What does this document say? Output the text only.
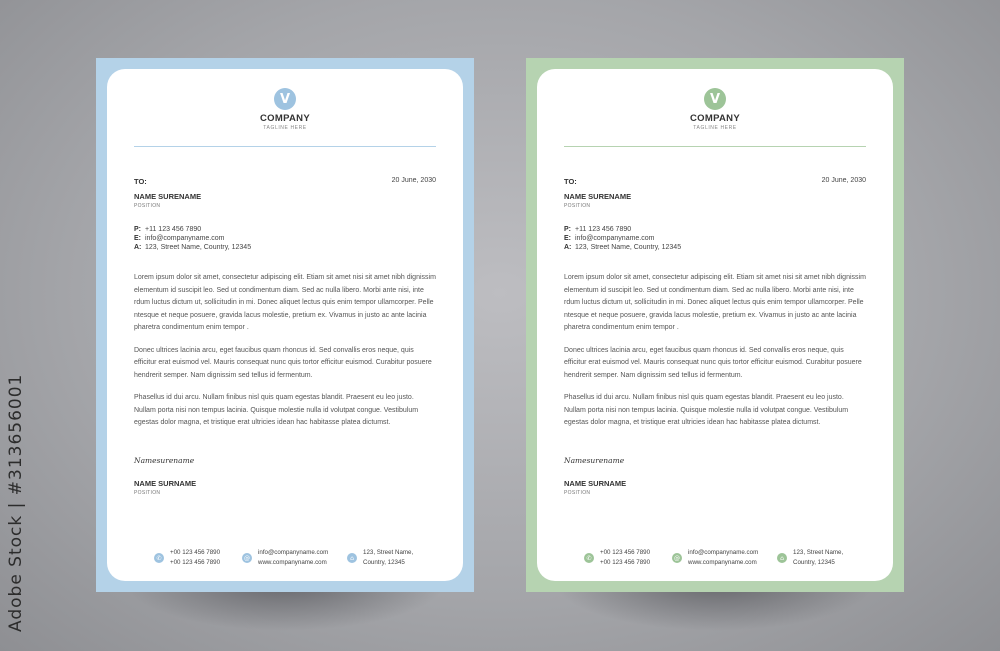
Adobe Stock | #313656001
V
COMPANY
TAGLINE HERE
TO:	20 June, 2030
NAME SURENAME
POSITION
P: +11 123 456 7890
E: info@companyname.com
A: 123, Street Name, Country, 12345

Lorem ipsum dolor sit amet, consectetur adipiscing elit. Etiam sit amet nisi sit amet nibh dignissim elementum id suscipit leo. Sed ut condimentum diam. Sed ac nulla libero. Morbi ante nisi, inte rdum luctus dictum ut, sollicitudin in mi. Donec aliquet lectus quis enim tempor ullamcorper. Pelle ntesque et neque posuere, gravida lacus molestie, pretium ex. Vivamus in justo ac ante lacinia pharetra condimentum enim tempor .

Donec ultrices lacinia arcu, eget faucibus quam rhoncus id. Sed convallis eros neque, quis efficitur erat euismod vel. Mauris consequat nunc quis tortor efficitur euismod. Curabitur posuere hendrerit semper. Nam dignissim sed tellus id fermentum.

Phasellus id dui arcu. Nullam finibus nisl quis quam egestas blandit. Praesent eu leo justo. Nullam porta nisi non tempus lacinia. Quisque molestie nulla id volutpat congue. Vestibulum egestas dolor magna, et tristique erat ultricies idean hac habitasse platea dictumst.

Namesurename
NAME SURNAME
POSITION
✆
+00 123 456 7890
+00 123 456 7890
@
info@companyname.com
www.companyname.com
⌂
123, Street Name,
Country, 12345
V
COMPANY
TAGLINE HERE
TO:	20 June, 2030
NAME SURENAME
POSITION
P: +11 123 456 7890
E: info@companyname.com
A: 123, Street Name, Country, 12345

Lorem ipsum dolor sit amet, consectetur adipiscing elit. Etiam sit amet nisi sit amet nibh dignissim elementum id suscipit leo. Sed ut condimentum diam. Sed ac nulla libero. Morbi ante nisi, inte rdum luctus dictum ut, sollicitudin in mi. Donec aliquet lectus quis enim tempor ullamcorper. Pelle ntesque et neque posuere, gravida lacus molestie, pretium ex. Vivamus in justo ac ante lacinia pharetra condimentum enim tempor .

Donec ultrices lacinia arcu, eget faucibus quam rhoncus id. Sed convallis eros neque, quis efficitur erat euismod vel. Mauris consequat nunc quis tortor efficitur euismod. Curabitur posuere hendrerit semper. Nam dignissim sed tellus id fermentum.

Phasellus id dui arcu. Nullam finibus nisl quis quam egestas blandit. Praesent eu leo justo. Nullam porta nisi non tempus lacinia. Quisque molestie nulla id volutpat congue. Vestibulum egestas dolor magna, et tristique erat ultricies idean hac habitasse platea dictumst.

Namesurename
NAME SURNAME
POSITION
✆
+00 123 456 7890
+00 123 456 7890
@
info@companyname.com
www.companyname.com
⌂
123, Street Name,
Country, 12345
